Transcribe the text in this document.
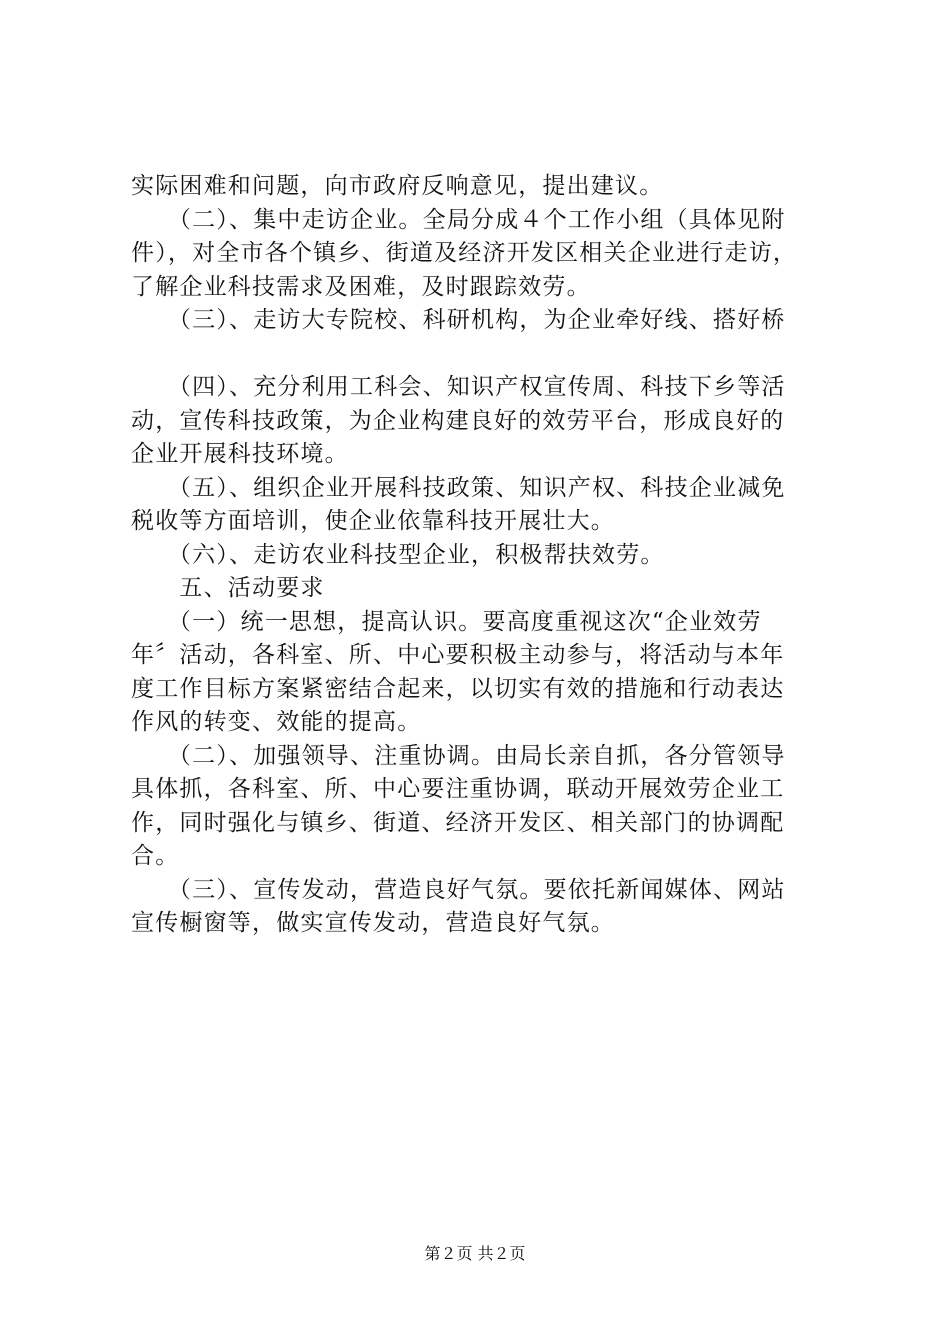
实际困难和问题，向市政府反响意见，提出建议。
　　（二）、集中走访企业。全局分成４个工作小组（具体见附
件），对全市各个镇乡、街道及经济开发区相关企业进行走访，
了解企业科技需求及困难，及时跟踪效劳。
　　（三）、走访大专院校、科研机构，为企业牵好线、搭好桥
　　（四）、充分利用工科会、知识产权宣传周、科技下乡等活
动，宣传科技政策，为企业构建良好的效劳平台，形成良好的
企业开展科技环境。
　　（五）、组织企业开展科技政策、知识产权、科技企业减免
税收等方面培训，使企业依靠科技开展壮大。
　　（六）、走访农业科技型企业，积极帮扶效劳。
　　五、活动要求
　　（一）统一思想，提高认识。要高度重视这次“企业效劳
年〞活动，各科室、所、中心要积极主动参与，将活动与本年
度工作目标方案紧密结合起来，以切实有效的措施和行动表达
作风的转变、效能的提高。
　　（二）、加强领导、注重协调。由局长亲自抓，各分管领导
具体抓，各科室、所、中心要注重协调，联动开展效劳企业工
作，同时强化与镇乡、街道、经济开发区、相关部门的协调配
合。
　　（三）、宣传发动，营造良好气氛。要依托新闻媒体、网站
宣传橱窗等，做实宣传发动，营造良好气氛。
第２页 共２页
